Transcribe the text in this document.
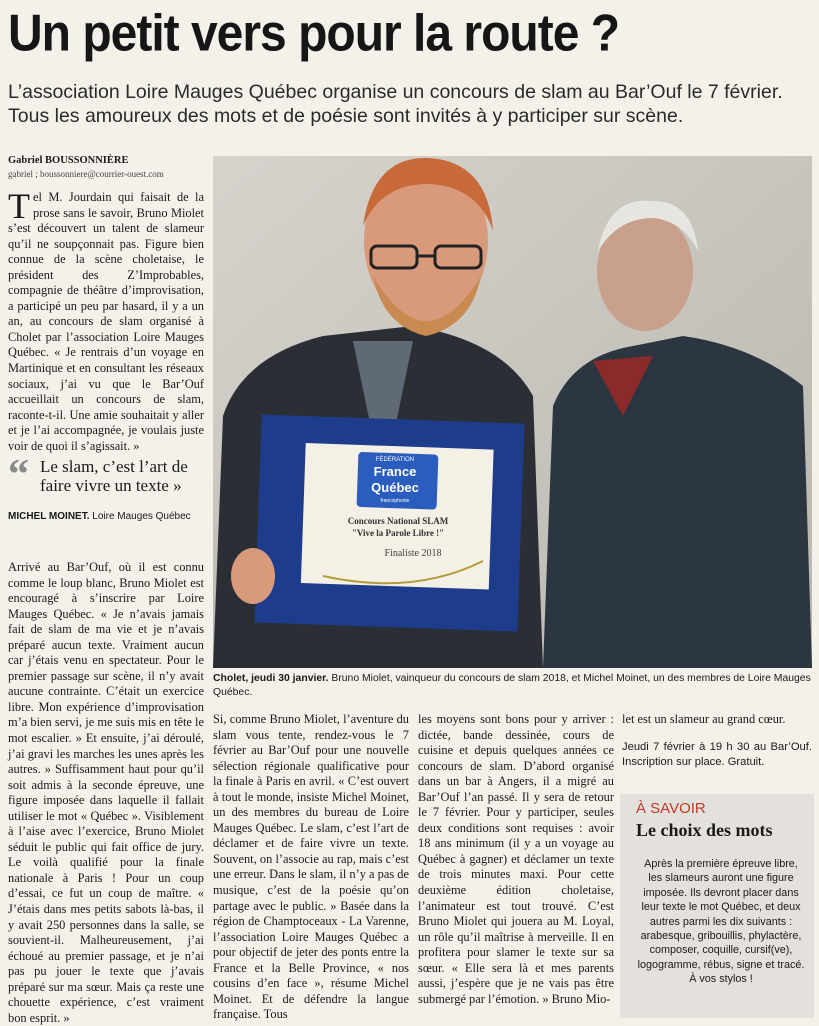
Un petit vers pour la route ?
L’association Loire Mauges Québec organise un concours de slam au Bar’Ouf le 7 février. Tous les amoureux des mots et de poésie sont invités à y participer sur scène.
Gabriel BOUSSONNIÈRE
gabriel ; boussonniere@courrier-ouest.com
T el M. Jourdain qui faisait de la prose sans le savoir, Bruno Miolet s’est découvert un talent de slameur qu’il ne soupçonnait pas. Figure bien connue de la scène choletaise, le président des Z’Improbables, compagnie de théâtre d’improvisation, a participé un peu par hasard, il y a un an, au concours de slam organisé à Cholet par l’association Loire Mauges Québec. « Je rentrais d’un voyage en Martinique et en consultant les réseaux sociaux, j’ai vu que le Bar’Ouf accueillait un concours de slam, raconte-t-il. Une amie souhaitait y aller et je l’ai accompagnée, je voulais juste voir de quoi il s’agissait. »
“ Le slam, c’est l’art de faire vivre un texte »
MICHEL MOINET. Loire Mauges Québec

Arrivé au Bar’Ouf, où il est connu comme le loup blanc, Bruno Miolet est encouragé à s’inscrire par Loire Mauges Québec. « Je n’avais jamais fait de slam de ma vie et je n’avais préparé aucun texte. Vraiment aucun car j’étais venu en spectateur. Pour le premier passage sur scène, il n’y avait aucune contrainte. C’était un exercice libre. Mon expérience d’improvisation m’a bien servi, je me suis mis en tête le mot escalier. » Et ensuite, j’ai déroulé, j’ai gravi les marches les unes après les autres. » Suffisamment haut pour qu’il soit admis à la seconde épreuve, une figure imposée dans laquelle il fallait utiliser le mot « Québec ». Visiblement à l’aise avec l’exercice, Bruno Miolet séduit le public qui fait office de jury. Le voilà qualifié pour la finale nationale à Paris ! Pour un coup d’essai, ce fut un coup de maître. « J’étais dans mes petits sabots là-bas, il y avait 250 personnes dans la salle, se souvient-il. Malheureusement, j’ai échoué au premier passage, et je n’ai pas pu jouer le texte que j’avais préparé sur ma sœur. Mais ça reste une chouette expérience, c’est vraiment bon esprit. »

FÉDÉRATION
France
Québec
francophonie
Concours National SLAM
"Vive la Parole Libre !"
Finaliste 2018
Cholet, jeudi 30 janvier. Bruno Miolet, vainqueur du concours de slam 2018, et Michel Moinet, un des membres de Loire Mauges Québec.

Si, comme Bruno Miolet, l’aventure du slam vous tente, rendez-vous le 7 février au Bar’Ouf pour une nouvelle sélection régionale qualificative pour la finale à Paris en avril. « C’est ouvert à tout le monde, insiste Michel Moinet, un des membres du bureau de Loire Mauges Québec. Le slam, c’est l’art de déclamer et de faire vivre un texte. Souvent, on l’associe au rap, mais c’est une erreur. Dans le slam, il n’y a pas de musique, c’est de la poésie qu’on partage avec le public. » Basée dans la région de Champtoceaux - La Varenne, l’association Loire Mauges Québec a pour objectif de jeter des ponts entre la France et la Belle Province, « nos cousins d’en face », résume Michel Moinet. Et de défendre la langue française. Tous

les moyens sont bons pour y arriver : dictée, bande dessinée, cours de cuisine et depuis quelques années ce concours de slam. D’abord organisé dans un bar à Angers, il a migré au Bar’Ouf l’an passé. Il y sera de retour le 7 février. Pour y participer, seules deux conditions sont requises : avoir 18 ans minimum (il y a un voyage au Québec à gagner) et déclamer un texte de trois minutes maxi. Pour cette deuxième édition choletaise, l’animateur est tout trouvé. C’est Bruno Miolet qui jouera au M. Loyal, un rôle qu’il maîtrise à merveille. Il en profitera pour slamer le texte sur sa sœur. « Elle sera là et mes parents aussi, j’espère que je ne vais pas être submergé par l’émotion. » Bruno Mio-

let est un slameur au grand cœur.

Jeudi 7 février à 19 h 30 au Bar’Ouf. Inscription sur place. Gratuit.

À SAVOIR
Le choix des mots
Après la première épreuve libre, les slameurs auront une figure imposée. Ils devront placer dans leur texte le mot Québec, et deux autres parmi les dix suivants : arabesque, gribouillis, phylactère, composer, coquille, cursif(ve), logogramme, rébus, signe et tracé. À vos stylos !
